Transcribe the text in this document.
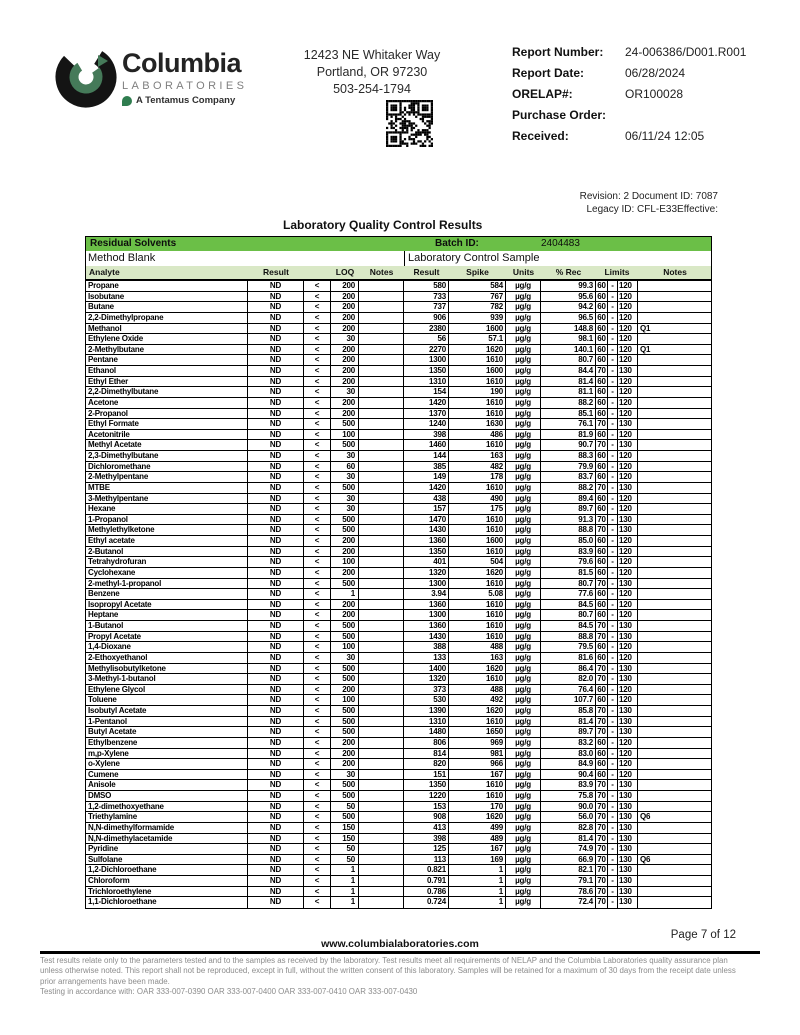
Columbia
LABORATORIES
A Tentamus Company
12423 NE Whitaker Way
Portland, OR 97230
503-254-1794
Report Number:	24-006386/D001.R001
Report Date:	06/28/2024
ORELAP#:	OR100028
Purchase Order:
Received:	06/11/24 12:05
Revision: 2 Document ID: 7087
Legacy ID: CFL-E33Effective:
Laboratory Quality Control Results
Residual Solvents	Batch ID:	2404483
Method Blank	Laboratory Control Sample
Analyte	Result	LOQ	Notes	Result	Spike	Units	% Rec	Limits	Notes
Propane	ND	<	200	580	584	µg/g	99.3 60 - 120
Isobutane	ND	<	200	733	767	µg/g	95.6 60 - 120
Butane	ND	<	200	737	782	µg/g	94.2 60 - 120
2,2-Dimethylpropane	ND	<	200	906	939	µg/g	96.5 60 - 120
Methanol	ND	<	200	2380	1600	µg/g	148.8 60 - 120	Q1
Ethylene Oxide	ND	<	30	56	57.1	µg/g	98.1 60 - 120
2-Methylbutane	ND	<	200	2270	1620	µg/g	140.1 60 - 120	Q1
Pentane	ND	<	200	1300	1610	µg/g	80.7 60 - 120
Ethanol	ND	<	200	1350	1600	µg/g	84.4 70 - 130
Ethyl Ether	ND	<	200	1310	1610	µg/g	81.4 60 - 120
2,2-Dimethylbutane	ND	<	30	154	190	µg/g	81.1 60 - 120
Acetone	ND	<	200	1420	1610	µg/g	88.2 60 - 120
2-Propanol	ND	<	200	1370	1610	µg/g	85.1 60 - 120
Ethyl Formate	ND	<	500	1240	1630	µg/g	76.1 70 - 130
Acetonitrile	ND	<	100	398	486	µg/g	81.9 60 - 120
Methyl Acetate	ND	<	500	1460	1610	µg/g	90.7 70 - 130
2,3-Dimethylbutane	ND	<	30	144	163	µg/g	88.3 60 - 120
Dichloromethane	ND	<	60	385	482	µg/g	79.9 60 - 120
2-Methylpentane	ND	<	30	149	178	µg/g	83.7 60 - 120
MTBE	ND	<	500	1420	1610	µg/g	88.2 70 - 130
3-Methylpentane	ND	<	30	438	490	µg/g	89.4 60 - 120
Hexane	ND	<	30	157	175	µg/g	89.7 60 - 120
1-Propanol	ND	<	500	1470	1610	µg/g	91.3 70 - 130
Methylethylketone	ND	<	500	1430	1610	µg/g	88.8 70 - 130
Ethyl acetate	ND	<	200	1360	1600	µg/g	85.0 60 - 120
2-Butanol	ND	<	200	1350	1610	µg/g	83.9 60 - 120
Tetrahydrofuran	ND	<	100	401	504	µg/g	79.6 60 - 120
Cyclohexane	ND	<	200	1320	1620	µg/g	81.5 60 - 120
2-methyl-1-propanol	ND	<	500	1300	1610	µg/g	80.7 70 - 130
Benzene	ND	<	1	3.94	5.08	µg/g	77.6 60 - 120
Isopropyl Acetate	ND	<	200	1360	1610	µg/g	84.5 60 - 120
Heptane	ND	<	200	1300	1610	µg/g	80.7 60 - 120
1-Butanol	ND	<	500	1360	1610	µg/g	84.5 70 - 130
Propyl Acetate	ND	<	500	1430	1610	µg/g	88.8 70 - 130
1,4-Dioxane	ND	<	100	388	488	µg/g	79.5 60 - 120
2-Ethoxyethanol	ND	<	30	133	163	µg/g	81.6 60 - 120
Methylisobutylketone	ND	<	500	1400	1620	µg/g	86.4 70 - 130
3-Methyl-1-butanol	ND	<	500	1320	1610	µg/g	82.0 70 - 130
Ethylene Glycol	ND	<	200	373	488	µg/g	76.4 60 - 120
Toluene	ND	<	100	530	492	µg/g	107.7 60 - 120
Isobutyl Acetate	ND	<	500	1390	1620	µg/g	85.8 70 - 130
1-Pentanol	ND	<	500	1310	1610	µg/g	81.4 70 - 130
Butyl Acetate	ND	<	500	1480	1650	µg/g	89.7 70 - 130
Ethylbenzene	ND	<	200	806	969	µg/g	83.2 60 - 120
m,p-Xylene	ND	<	200	814	981	µg/g	83.0 60 - 120
o-Xylene	ND	<	200	820	966	µg/g	84.9 60 - 120
Cumene	ND	<	30	151	167	µg/g	90.4 60 - 120
Anisole	ND	<	500	1350	1610	µg/g	83.9 70 - 130
DMSO	ND	<	500	1220	1610	µg/g	75.8 70 - 130
1,2-dimethoxyethane	ND	<	50	153	170	µg/g	90.0 70 - 130
Triethylamine	ND	<	500	908	1620	µg/g	56.0 70 - 130	Q6
N,N-dimethylformamide	ND	<	150	413	499	µg/g	82.8 70 - 130
N,N-dimethylacetamide	ND	<	150	398	489	µg/g	81.4 70 - 130
Pyridine	ND	<	50	125	167	µg/g	74.9 70 - 130
Sulfolane	ND	<	50	113	169	µg/g	66.9 70 - 130	Q6
1,2-Dichloroethane	ND	<	1	0.821	1	µg/g	82.1 70 - 130
Chloroform	ND	<	1	0.791	1	µg/g	79.1 70 - 130
Trichloroethylene	ND	<	1	0.786	1	µg/g	78.6 70 - 130
1,1-Dichloroethane	ND	<	1	0.724	1	µg/g	72.4 70 - 130
Page 7 of 12
www.columbialaboratories.com
Test results relate only to the parameters tested and to the samples as received by the laboratory. Test results meet all requirements of NELAP and the Columbia Laboratories quality assurance plan
unless otherwise noted. This report shall not be reproduced, except in full, without the written consent of this laboratory. Samples will be retained for a maximum of 30 days from the receipt date unless
prior arrangements have been made.
Testing in accordance with: OAR 333-007-0390 OAR 333-007-0400 OAR 333-007-0410 OAR 333-007-0430
